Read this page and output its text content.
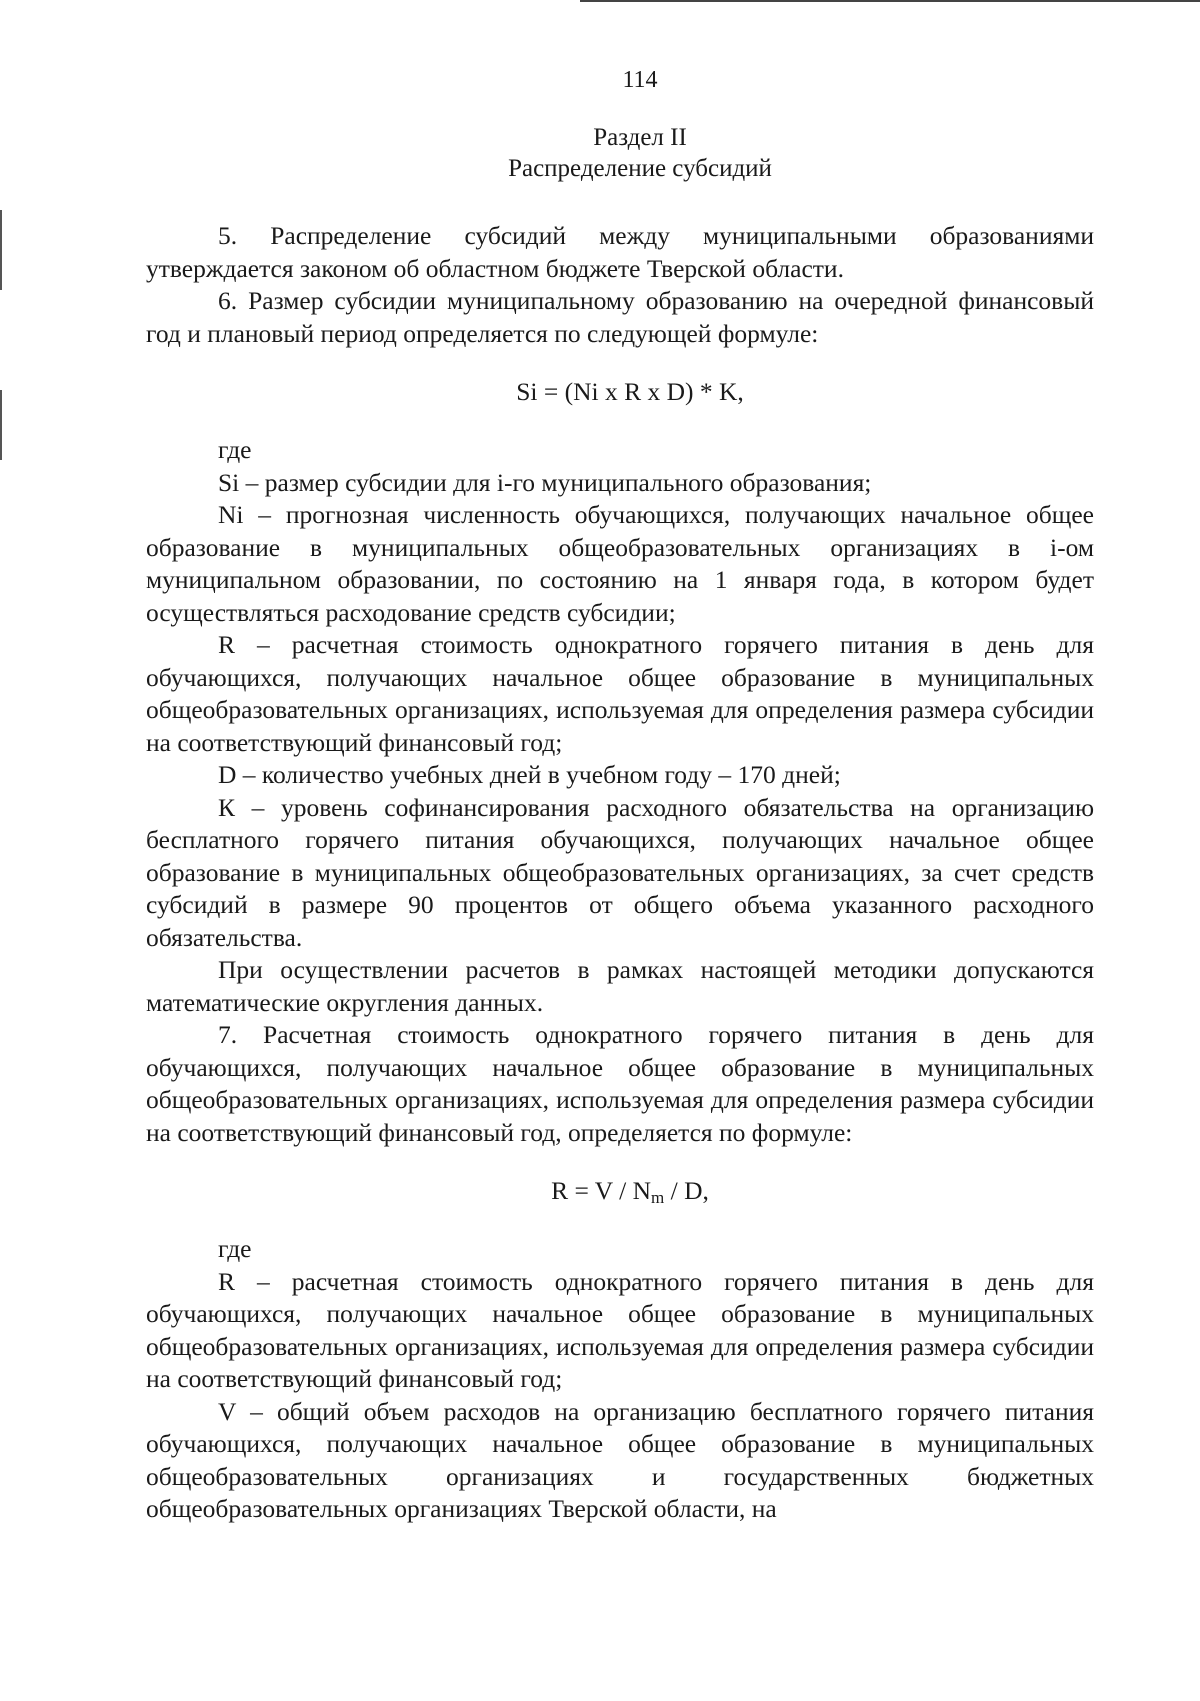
114
Раздел II
Распределение субсидий

5. Распределение субсидий между муниципальными образованиями утверждается законом об областном бюджете Тверской области.

6. Размер субсидии муниципальному образованию на очередной финансовый год и плановый период определяется по следующей формуле:

Si = (Ni x R x D) * K,

где

Si – размер субсидии для i-го муниципального образования;

Ni – прогнозная численность обучающихся, получающих начальное общее образование в муниципальных общеобразовательных организациях в i-ом муниципальном образовании, по состоянию на 1 января года, в котором будет осуществляться расходование средств субсидии;

R – расчетная стоимость однократного горячего питания в день для обучающихся, получающих начальное общее образование в муниципальных общеобразовательных организациях, используемая для определения размера субсидии на соответствующий финансовый год;

D – количество учебных дней в учебном году – 170 дней;

К – уровень софинансирования расходного обязательства на организацию бесплатного горячего питания обучающихся, получающих начальное общее образование в муниципальных общеобразовательных организациях, за счет средств субсидий в размере 90 процентов от общего объема указанного расходного обязательства.

При осуществлении расчетов в рамках настоящей методики допускаются математические округления данных.

7. Расчетная стоимость однократного горячего питания в день для обучающихся, получающих начальное общее образование в муниципальных общеобразовательных организациях, используемая для определения размера субсидии на соответствующий финансовый год, определяется по формуле:

$R = V / N_m / D$,

где

R – расчетная стоимость однократного горячего питания в день для обучающихся, получающих начальное общее образование в муниципальных общеобразовательных организациях, используемая для определения размера субсидии на соответствующий финансовый год;

V – общий объем расходов на организацию бесплатного горячего питания обучающихся, получающих начальное общее образование в муниципальных общеобразовательных организациях и государственных бюджетных общеобразовательных организациях Тверской области, на
